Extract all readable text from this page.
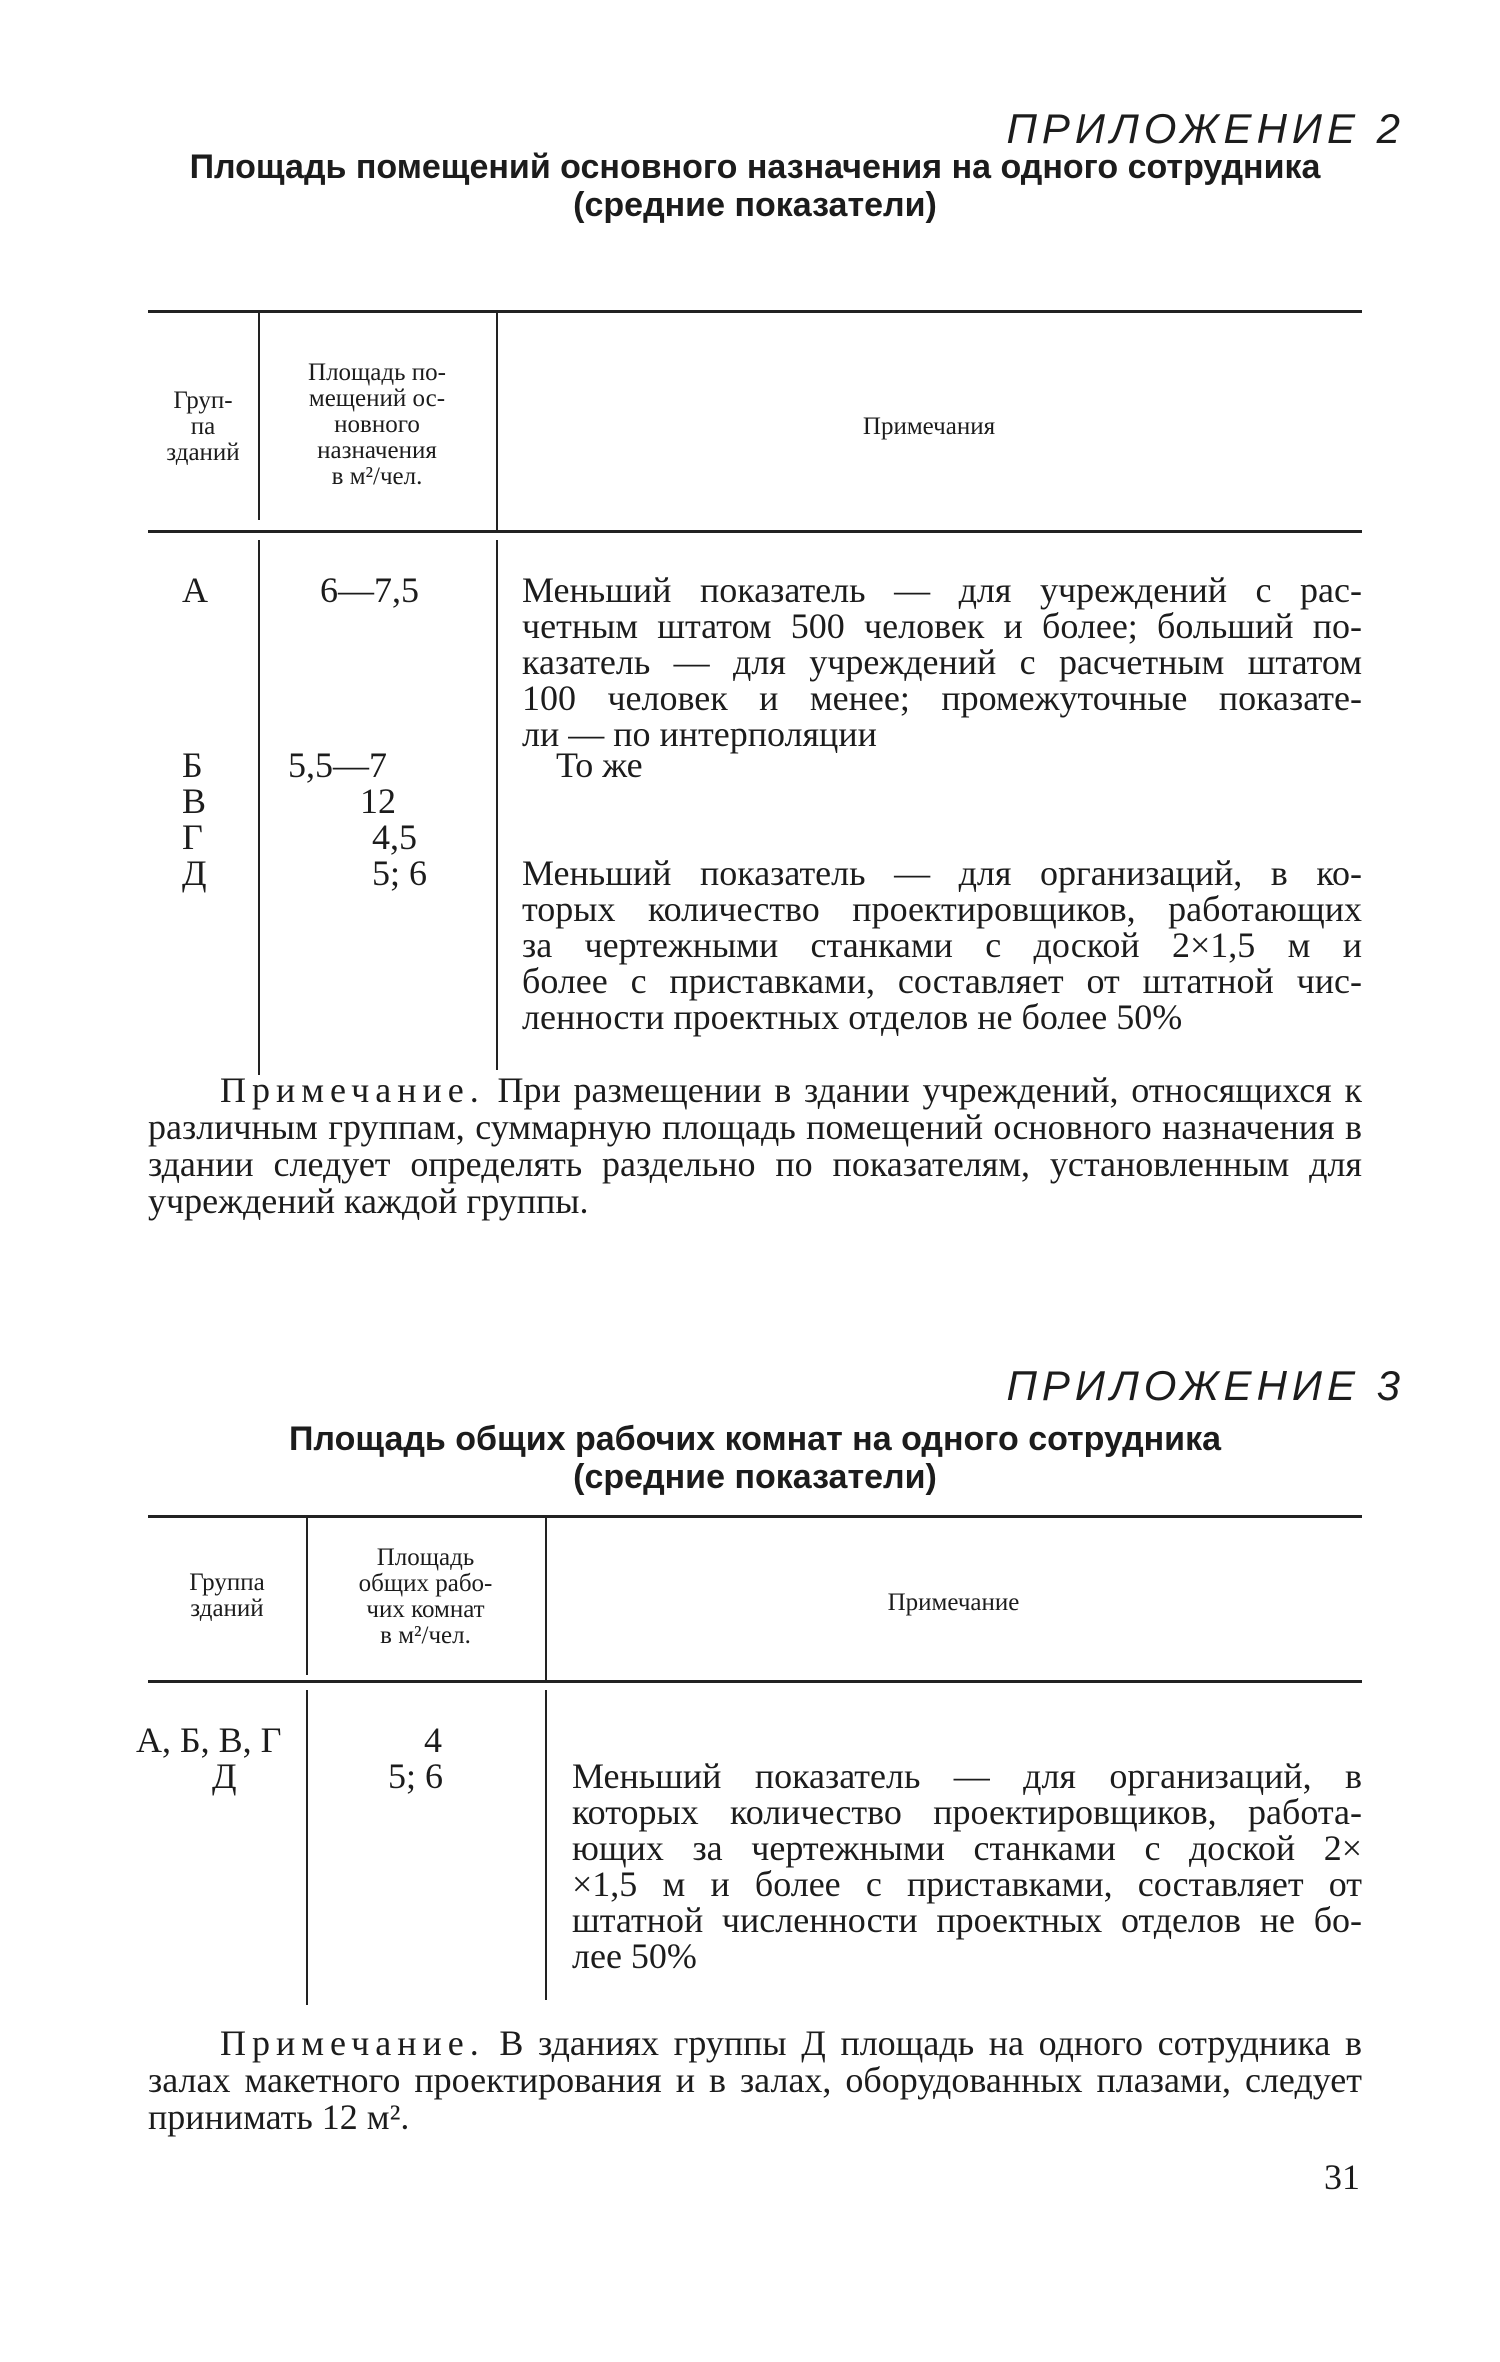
ПРИЛОЖЕНИЕ 2
Площадь помещений основного назначения на одного сотрудника
(средние показатели)
Груп-
па
зданий
Площадь по-
мещений ос-
новного
назначения
в м²/чел.
Примечания
А
Б
В
Г
Д
6—7,5
5,5—7
12
4,5
5; 6
Меньший показатель — для учреждений с рас-
четным штатом 500 человек и более; больший по-
казатель — для учреждений с расчетным штатом
100 человек и менее; промежуточные показате-
ли — по интерполяции
То же
Меньший показатель — для организаций, в ко-
торых количество проектировщиков, работающих
за чертежными станками с доской 2×1,5 м и
более с приставками, составляет от штатной чис-
ленности проектных отделов не более 50%
Примечание. При размещении в здании учреждений, относящихся к различным группам, суммарную площадь помещений основного назначения в здании следует определять раздельно по показателям, установленным для учреждений каждой группы.
ПРИЛОЖЕНИЕ 3
Площадь общих рабочих комнат на одного сотрудника
(средние показатели)
Группа
зданий
Площадь
общих рабо-
чих комнат
в м²/чел.
Примечание
А, Б, В, Г
Д
4
5; 6	Меньший показатель — для организаций, в
которых количество проектировщиков, работа-
ющих за чертежными станками с доской 2×
×1,5 м и более с приставками, составляет от
штатной численности проектных отделов не бо-
лее 50%
Примечание. В зданиях группы Д площадь на одного сотрудника в залах макетного проектирования и в залах, оборудованных плазами, следует принимать 12 м².
31
